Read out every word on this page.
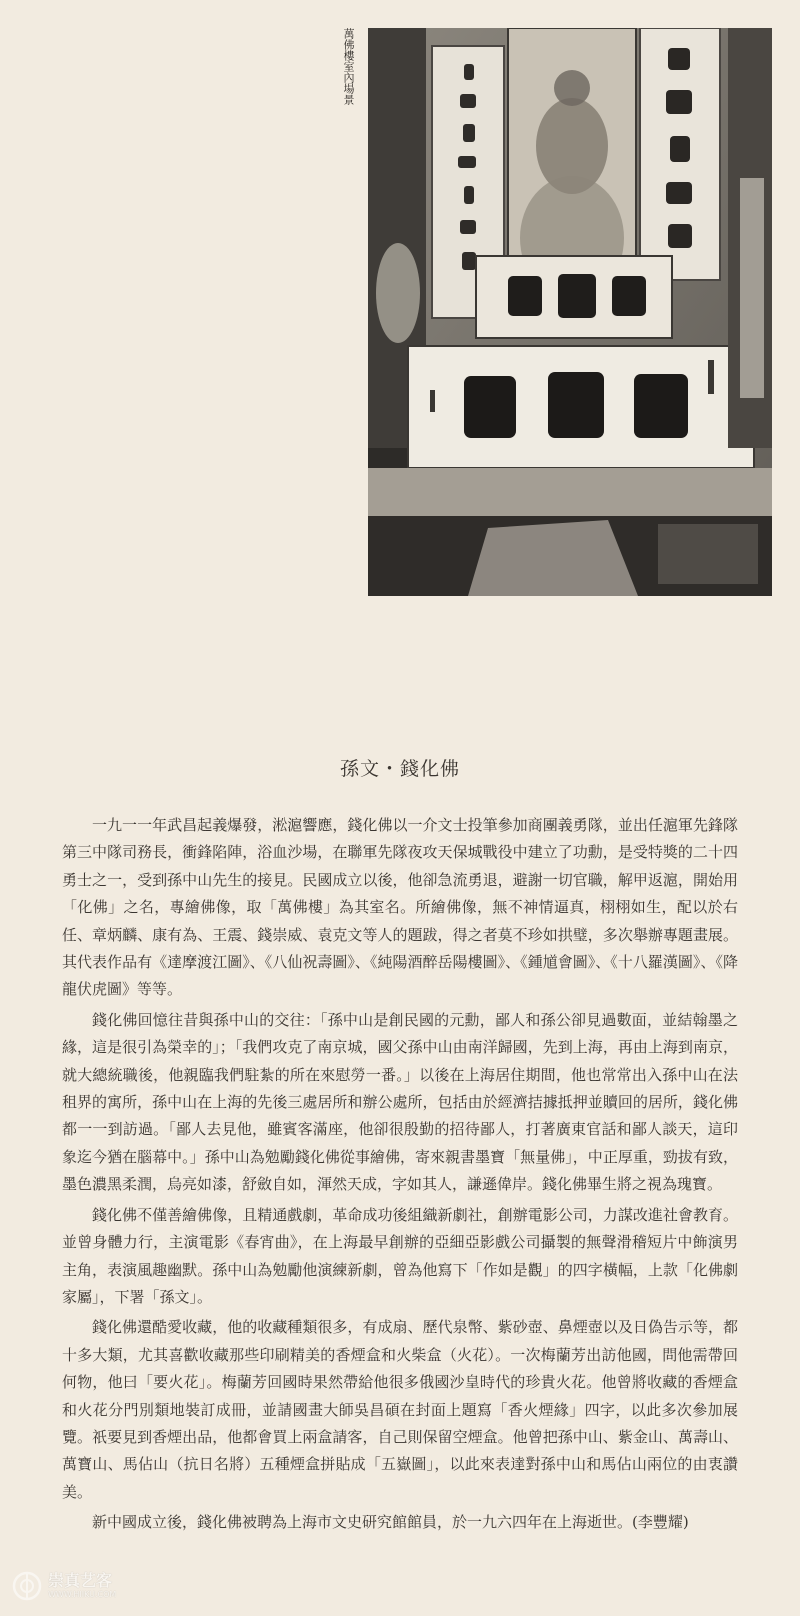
萬佛樓室內場景
孫文・錢化佛

一九一一年武昌起義爆發，淞滬響應，錢化佛以一介文士投筆參加商團義勇隊，並出任滬軍先鋒隊第三中隊司務長，衝鋒陷陣，浴血沙場，在聯軍先隊夜攻天保城戰役中建立了功勳，是受特獎的二十四勇士之一，受到孫中山先生的接見。民國成立以後，他卻急流勇退，避謝一切官職，解甲返滬，開始用「化佛」之名，專繪佛像，取「萬佛樓」為其室名。所繪佛像，無不神情逼真，栩栩如生，配以於右任、章炳麟、康有為、王震、錢崇威、袁克文等人的題跋，得之者莫不珍如拱璧，多次舉辦專題畫展。其代表作品有《達摩渡江圖》、《八仙祝壽圖》、《純陽酒醉岳陽樓圖》、《鍾馗會圖》、《十八羅漢圖》、《降龍伏虎圖》等等。

錢化佛回憶往昔與孫中山的交往：「孫中山是創民國的元勳，鄙人和孫公卻見過數面，並結翰墨之緣，這是很引為榮幸的」；「我們攻克了南京城，國父孫中山由南洋歸國，先到上海，再由上海到南京，就大總統職後，他親臨我們駐紮的所在來慰勞一番。」以後在上海居住期間，他也常常出入孫中山在法租界的寓所，孫中山在上海的先後三處居所和辦公處所，包括由於經濟拮據抵押並贖回的居所，錢化佛都一一到訪過。「鄙人去見他，雖賓客滿座，他卻很殷勤的招待鄙人，打著廣東官話和鄙人談天，這印象迄今猶在腦幕中。」孫中山為勉勵錢化佛從事繪佛，寄來親書墨寶「無量佛」，中正厚重，勁拔有致，墨色濃黑柔潤，烏亮如漆，舒斂自如，渾然天成，字如其人，謙遜偉岸。錢化佛畢生將之視為瑰寶。

錢化佛不僅善繪佛像，且精通戲劇，革命成功後組織新劇社，創辦電影公司，力謀改進社會教育。並曾身體力行，主演電影《春宵曲》，在上海最早創辦的亞細亞影戲公司攝製的無聲滑稽短片中飾演男主角，表演風趣幽默。孫中山為勉勵他演練新劇，曾為他寫下「作如是觀」的四字橫幅，上款「化佛劇家屬」，下署「孫文」。

錢化佛還酷愛收藏，他的收藏種類很多，有成扇、歷代泉幣、紫砂壺、鼻煙壺以及日偽告示等，都十多大類，尤其喜歡收藏那些印刷精美的香煙盒和火柴盒（火花）。一次梅蘭芳出訪他國，問他需帶回何物，他曰「要火花」。梅蘭芳回國時果然帶給他很多俄國沙皇時代的珍貴火花。他曾將收藏的香煙盒和火花分門別類地裝訂成冊，並請國畫大師吳昌碩在封面上題寫「香火煙緣」四字，以此多次參加展覽。祇要見到香煙出品，他都會買上兩盒請客，自己則保留空煙盒。他曾把孫中山、紫金山、萬壽山、萬寶山、馬佔山（抗日名將）五種煙盒拼貼成「五嶽圖」，以此來表達對孫中山和馬佔山兩位的由衷讚美。

新中國成立後，錢化佛被聘為上海市文史研究館館員，於一九六四年在上海逝世。(李豐耀)

崇真艺客
WWW.HIIKU.COM
